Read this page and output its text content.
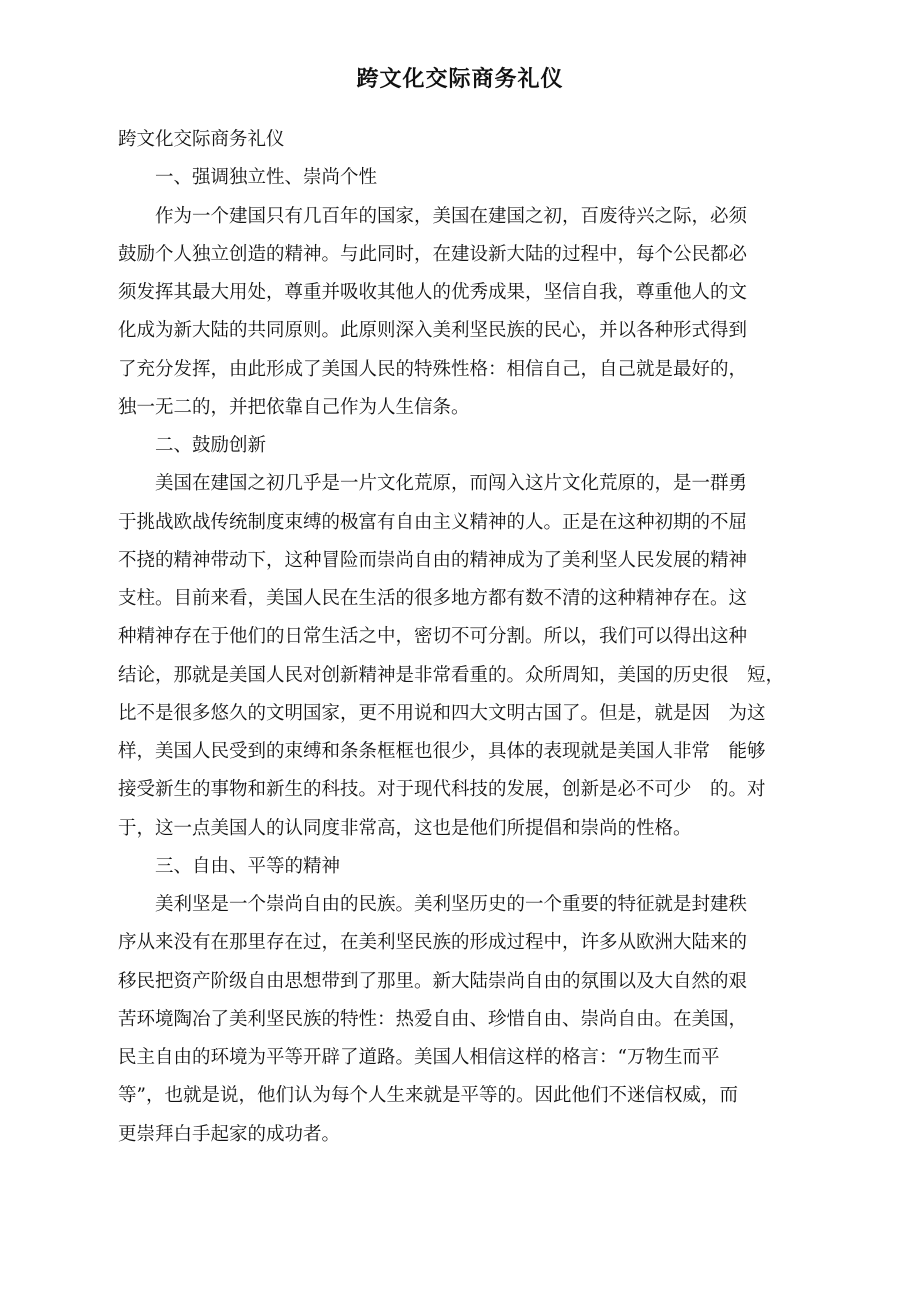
跨文化交际商务礼仪
跨文化交际商务礼仪
一、强调独立性、崇尚个性
作为一个建国只有几百年的国家，美国在建国之初，百废待兴之际，必须
鼓励个人独立创造的精神。与此同时，在建设新大陆的过程中，每个公民都必
须发挥其最大用处，尊重并吸收其他人的优秀成果，坚信自我，尊重他人的文
化成为新大陆的共同原则。此原则深入美利坚民族的民心，并以各种形式得到
了充分发挥，由此形成了美国人民的特殊性格：相信自己，自己就是最好的，
独一无二的，并把依靠自己作为人生信条。
二、鼓励创新
美国在建国之初几乎是一片文化荒原，而闯入这片文化荒原的，是一群勇
于挑战欧战传统制度束缚的极富有自由主义精神的人。正是在这种初期的不屈
不挠的精神带动下，这种冒险而崇尚自由的精神成为了美利坚人民发展的精神
支柱。目前来看，美国人民在生活的很多地方都有数不清的这种精神存在。这
种精神存在于他们的日常生活之中，密切不可分割。所以，我们可以得出这种
结论，那就是美国人民对创新精神是非常看重的。众所周知，美国的历史很　短，
比不是很多悠久的文明国家，更不用说和四大文明古国了。但是，就是因　为这
样，美国人民受到的束缚和条条框框也很少，具体的表现就是美国人非常　能够
接受新生的事物和新生的科技。对于现代科技的发展，创新是必不可少　的。对
于，这一点美国人的认同度非常高，这也是他们所提倡和崇尚的性格。
三、自由、平等的精神
美利坚是一个崇尚自由的民族。美利坚历史的一个重要的特征就是封建秩
序从来没有在那里存在过，在美利坚民族的形成过程中，许多从欧洲大陆来的
移民把资产阶级自由思想带到了那里。新大陆崇尚自由的氛围以及大自然的艰
苦环境陶冶了美利坚民族的特性：热爱自由、珍惜自由、崇尚自由。在美国，
民主自由的环境为平等开辟了道路。美国人相信这样的格言：“万物生而平
等”，也就是说，他们认为每个人生来就是平等的。因此他们不迷信权威，而
更崇拜白手起家的成功者。
